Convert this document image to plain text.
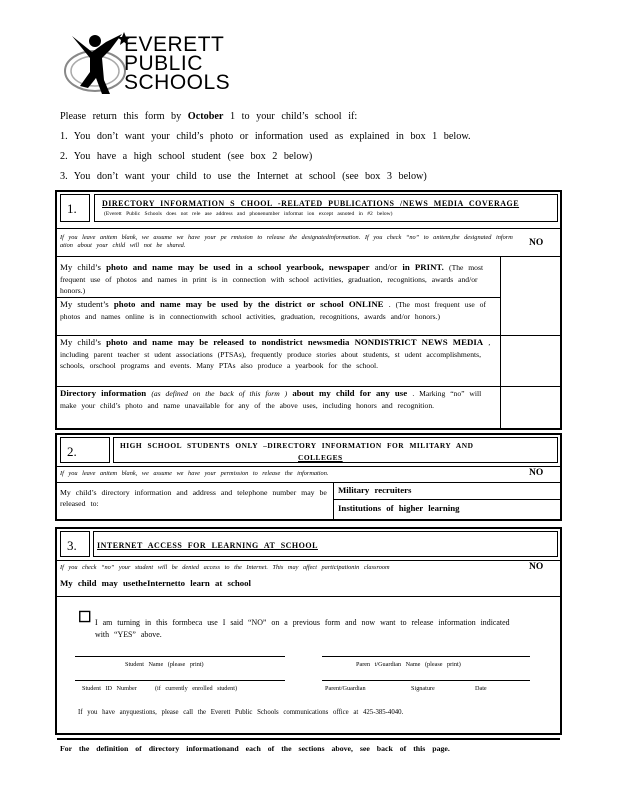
EVERETT
PUBLIC
SCHOOLS
Please return this form by October 1 to your child’s school if:
1. You don’t want your child’s photo or information used as explained in box 1 below.
2. You have a high school student (see box 2 below)
3. You don’t want your child to use the Internet at school (see box 3 below)
1.	DIRECTORY INFORMATION S CHOOL -RELATED PUBLICATIONS /NEWS MEDIA COVERAGE
(Everett Public Schools does not rele ase address and phonenumber informat ion except asnoted in #2 below)
If you leave anitem blank, we assume we have your pe rmission to release the designatedinformation. If you check “no” to anitem,the designated inform ation about your child will not be shared.	NO
My child’s photo and name may be used in a school yearbook, newspaper and/or in PRINT. (The most frequent use of photos and names in print is in connection with school activities, graduation, recognitions, awards and/or honors.)
My student’s photo and name may be used by the district or school ONLINE . (The most frequent use of photos and names online is in connectionwith school activities, graduation, recognitions, awards and/or honors.)
My child’s photo and name may be released to nondistrict newsmedia NONDISTRICT NEWS MEDIA , including parent teacher st udent associations (PTSAs), frequently produce stories about students, st udent accomplishments, schools, orschool programs and events. Many PTAs also produce a yearbook for the school.
Directory information (as defined on the back of this form ) about my child for any use . Marking “no” will make your child’s photo and name unavailable for any of the above uses, including honors and recognition.
2.	HIGH SCHOOL STUDENTS ONLY –DIRECTORY INFORMATION FOR MILITARY AND
COLLEGES
If you leave anitem blank, we assume we have your permission to release the information.	NO
My child’s directory information and address and telephone number may be released to:
Military recruiters
Institutions of higher learning
3.	INTERNET ACCESS FOR LEARNING AT SCHOOL
If you check “no” your student will be denied access to the Internet. This may affect participationin classroom	NO
My child may usetheInternetto learn at school
☐ I am turning in this formbeca use I said “NO” on a previous form and now want to release information indicated with “YES” above.
Student Name (please print)	Paren t/Guardian Name (please print)
Student ID Number	(if currently enrolled student)	Parent/Guardian	Signature	Date
If you have anyquestions, please call the Everett Public Schools communications office at 425-385-4040.
For the definition of directory informationand each of the sections above, see back of this page.
